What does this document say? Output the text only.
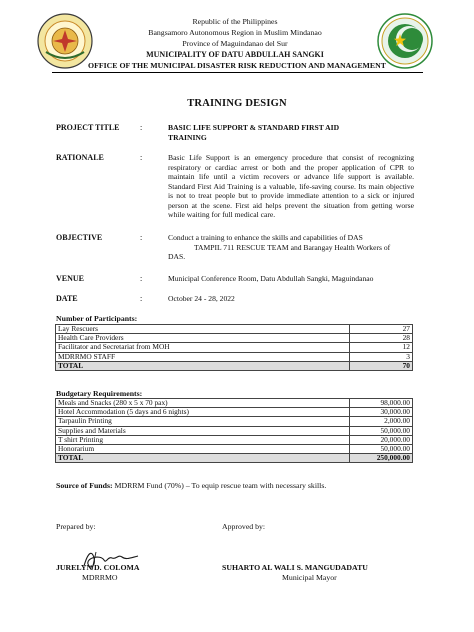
Republic of the Philippines
Bangsamoro Autonomous Region in Muslim Mindanao
Province of Maguindanao del Sur
MUNICIPALITY OF DATU ABDULLAH SANGKI
OFFICE OF THE MUNICIPAL DISASTER RISK REDUCTION AND MANAGEMENT
TRAINING DESIGN
PROJECT TITLE	:	BASIC LIFE SUPPORT & STANDARD FIRST AID
TRAINING
RATIONALE	:	Basic Life Support is an emergency procedure that consist of recognizing respiratory or cardiac arrest or both and the proper application of CPR to maintain life until a victim recovers or advance life support is available. Standard First Aid Training is a valuable, life-saving course. Its main objective is not to treat people but to provide immediate attention to a sick or injured person at the scene. First aid helps prevent the situation from getting worse while waiting for full medical care.
OBJECTIVE	:	Conduct a training to enhance the skills and capabilities of DAS
TAMPIL 711 RESCUE TEAM and Barangay Health Workers of
DAS.
VENUE	:	Municipal Conference Room, Datu Abdullah Sangki, Maguindanao
DATE	:	October 24 - 28, 2022
Number of Participants:
Lay Rescuers	27
Health Care Providers	28
Facilitator and Secretariat from MOH	12
MDRRMO STAFF	3
TOTAL	70
Budgetary Requirements:
Meals and Snacks (280 x 5 x 70 pax)	98,000.00
Hotel Accommodation (5 days and 6 nights)	30,000.00
Tarpaulin Printing	2,000.00
Supplies and Materials	50,000.00
T shirt Printing	20,000.00
Honorarium	50,000.00
TOTAL	250,000.00
Source of Funds: MDRRM Fund (70%) – To equip rescue team with necessary skills.
Prepared by:	Approved by:
JURELYN D. COLOMA
MDRRMO
SUHARTO AL WALI S. MANGUDADATU
Municipal Mayor
